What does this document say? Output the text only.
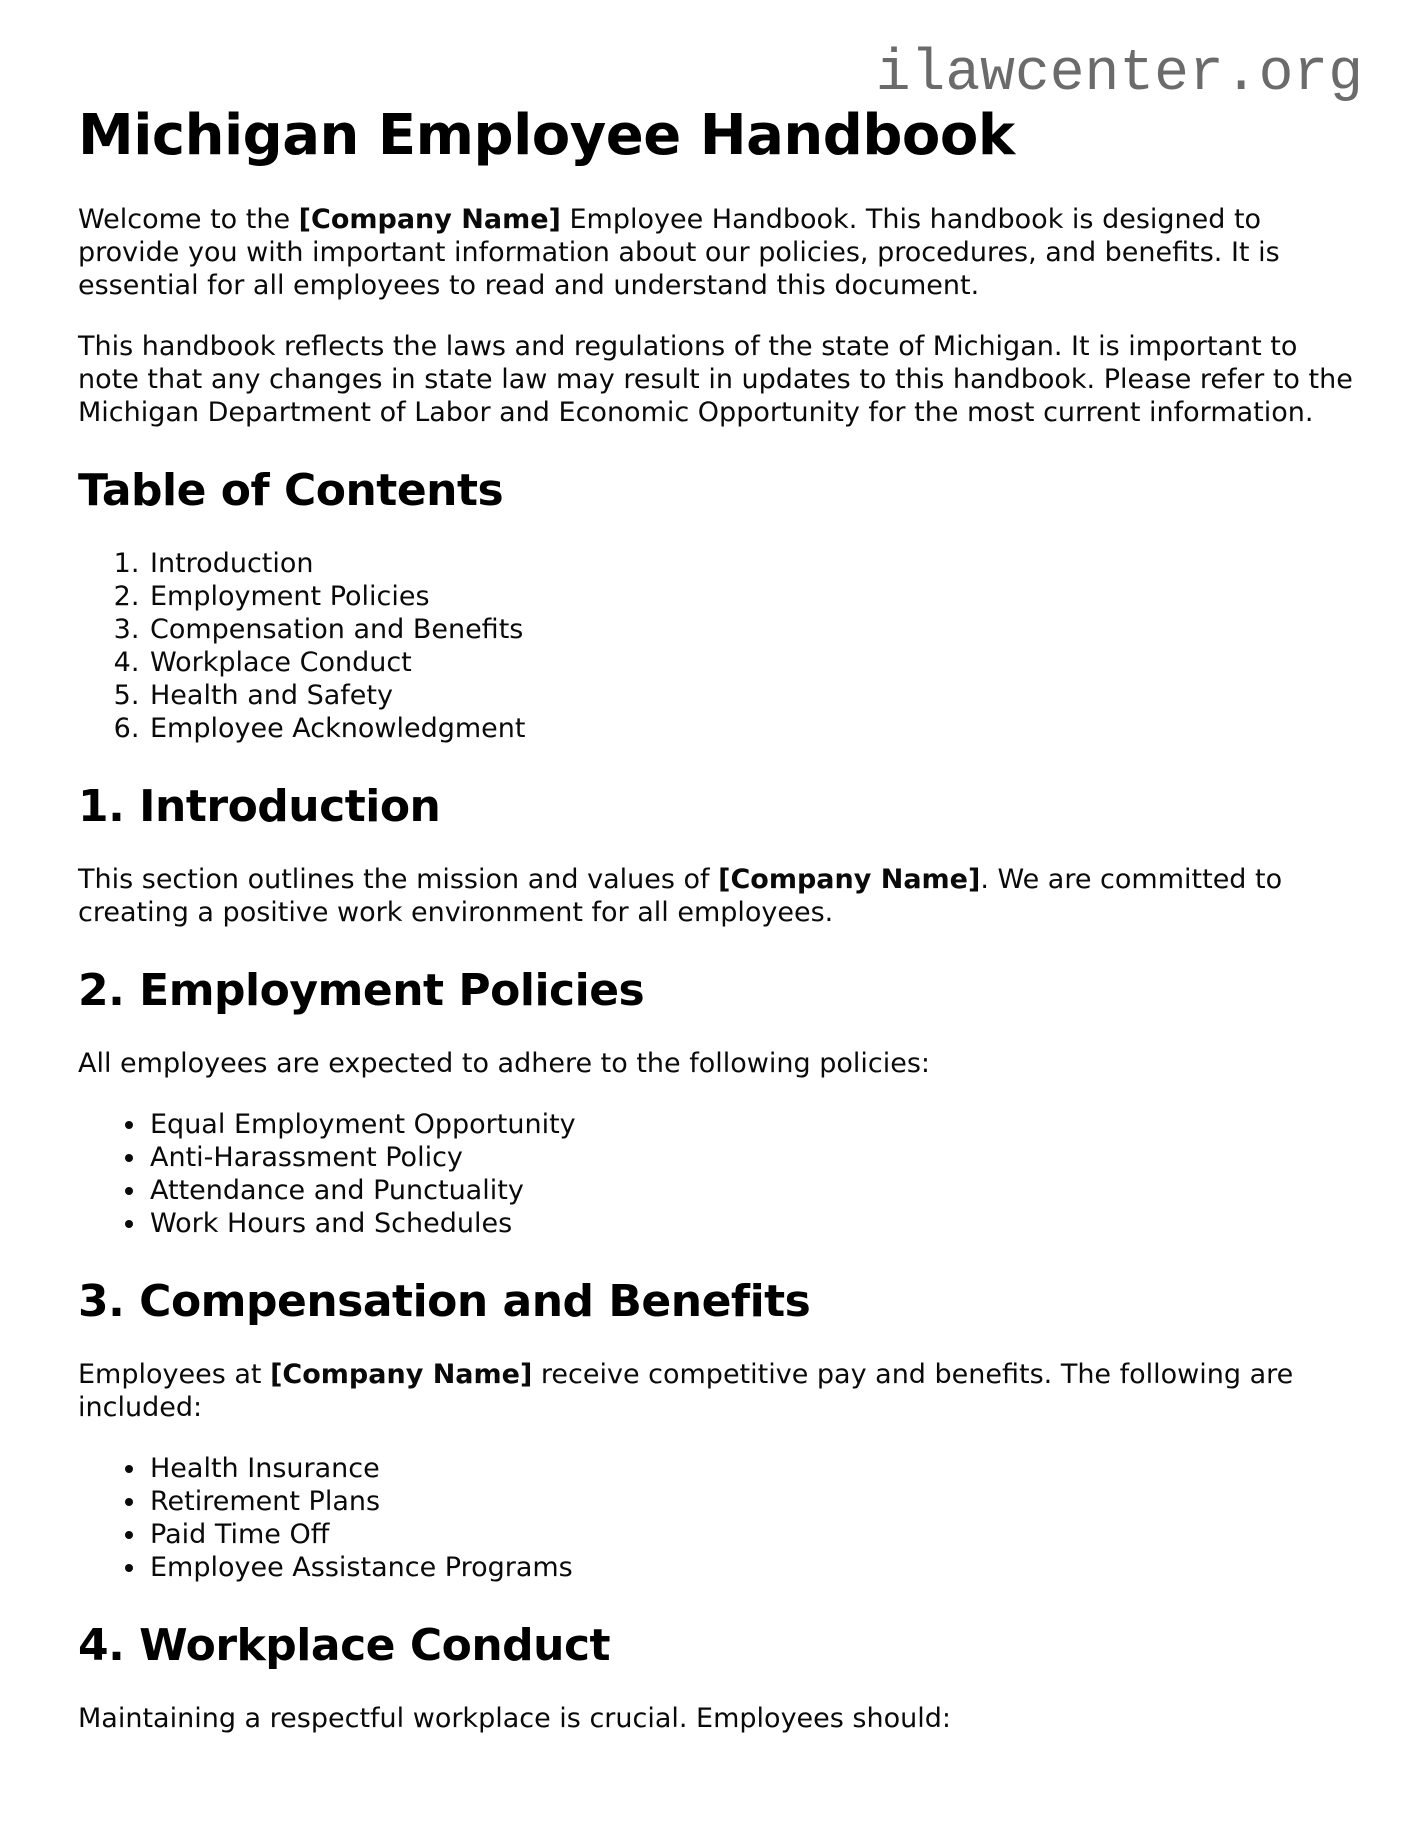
ilawcenter.org
Michigan Employee Handbook

Welcome to the [Company Name] Employee Handbook. This handbook is designed to provide you with important information about our policies, procedures, and benefits. It is essential for all employees to read and understand this document.

This handbook reflects the laws and regulations of the state of Michigan. It is important to note that any changes in state law may result in updates to this handbook. Please refer to the Michigan Department of Labor and Economic Opportunity for the most current information.

Table of Contents
1. Introduction
2. Employment Policies
3. Compensation and Benefits
4. Workplace Conduct
5. Health and Safety
6. Employee Acknowledgment
1. Introduction

This section outlines the mission and values of [Company Name]. We are committed to creating a positive work environment for all employees.

2. Employment Policies

All employees are expected to adhere to the following policies:

• Equal Employment Opportunity
• Anti-Harassment Policy
• Attendance and Punctuality
• Work Hours and Schedules
3. Compensation and Benefits

Employees at [Company Name] receive competitive pay and benefits. The following are included:

• Health Insurance
• Retirement Plans
• Paid Time Off
• Employee Assistance Programs
4. Workplace Conduct

Maintaining a respectful workplace is crucial. Employees should:
